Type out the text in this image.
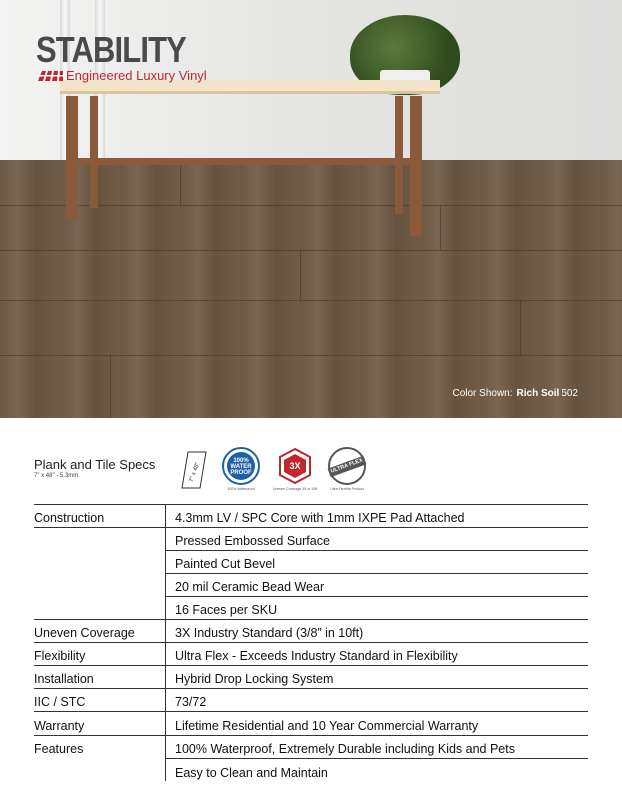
Color Shown: Rich Soil 502
STABILITY
Engineered Luxury Vinyl
Plank and Tile Specs
7" x 48" - 5.3mm	7" x 48"
100%
WATER
PROOF
100% Waterproof
3X
Uneven Coverage 3X in 10ft
ULTRA FLEX
Ultra Flexible Product
Construction	4.3mm LV / SPC Core with 1mm IXPE Pad Attached
Pressed Embossed Surface
Painted Cut Bevel
20 mil Ceramic Bead Wear
16 Faces per SKU
Uneven Coverage	3X Industry Standard (3/8” in 10ft)
Flexibility	Ultra Flex - Exceeds Industry Standard in Flexibility
Installation	Hybrid Drop Locking System
IIC / STC	73/72
Warranty	Lifetime Residential and 10 Year Commercial Warranty
Features	100% Waterproof, Extremely Durable including Kids and Pets
Easy to Clean and Maintain
